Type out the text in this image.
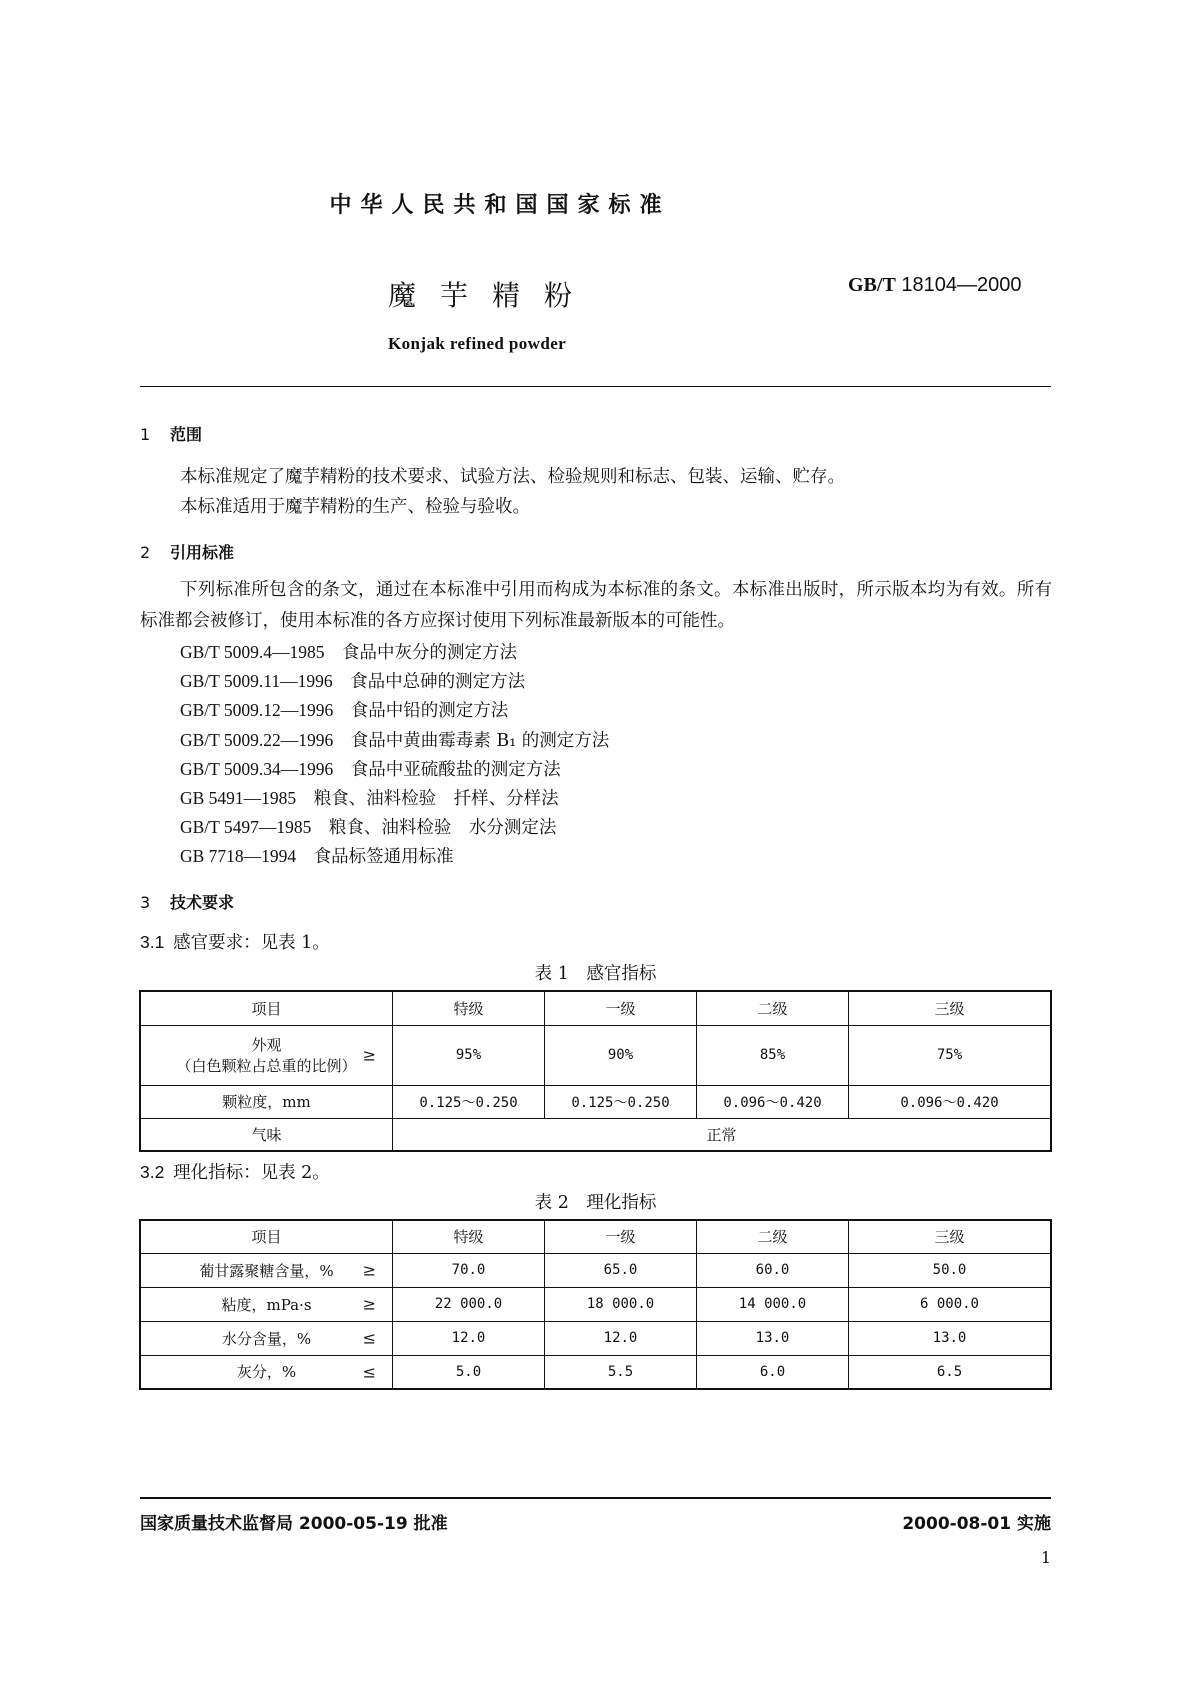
中华人民共和国国家标准
魔芋精粉	GB/T 18104—2000
Konjak refined powder
1 范围
本标准规定了魔芋精粉的技术要求、试验方法、检验规则和标志、包装、运输、贮存。
本标准适用于魔芋精粉的生产、检验与验收。
2 引用标准
下列标准所包含的条文，通过在本标准中引用而构成为本标准的条文。本标准出版时，所示版本均为有效。所有标准都会被修订，使用本标准的各方应探讨使用下列标准最新版本的可能性。
GB/T 5009.4—1985  食品中灰分的测定方法
GB/T 5009.11—1996  食品中总砷的测定方法
GB/T 5009.12—1996  食品中铅的测定方法
GB/T 5009.22—1996  食品中黄曲霉毒素 B₁ 的测定方法
GB/T 5009.34—1996  食品中亚硫酸盐的测定方法
GB 5491—1985  粮食、油料检验　扦样、分样法
GB/T 5497—1985  粮食、油料检验　水分测定法
GB 7718—1994  食品标签通用标准
3 技术要求
3.1  感官要求：见表 1。
表 1　感官指标
项目	特级	一级	二级	三级

外观
（白色颗粒占总重的比例）
≥	95%	90%	85%	75%
颗粒度，mm	0.125～0.250	0.125～0.250	0.096～0.420	0.096～0.420
气味	正常			
3.2  理化指标：见表 2。
表 2　理化指标
项目	特级	一级	二级	三级
葡甘露聚糖含量，% ≥	70.0	65.0	60.0	50.0
粘度，mPa·s ≥	22 000.0	18 000.0	14 000.0	6 000.0
水分含量，% ≤	12.0	12.0	13.0	13.0
灰分，% ≤	5.0	5.5	6.0	6.5
国家质量技术监督局 2000-05-19 批准	2000-08-01 实施
1
